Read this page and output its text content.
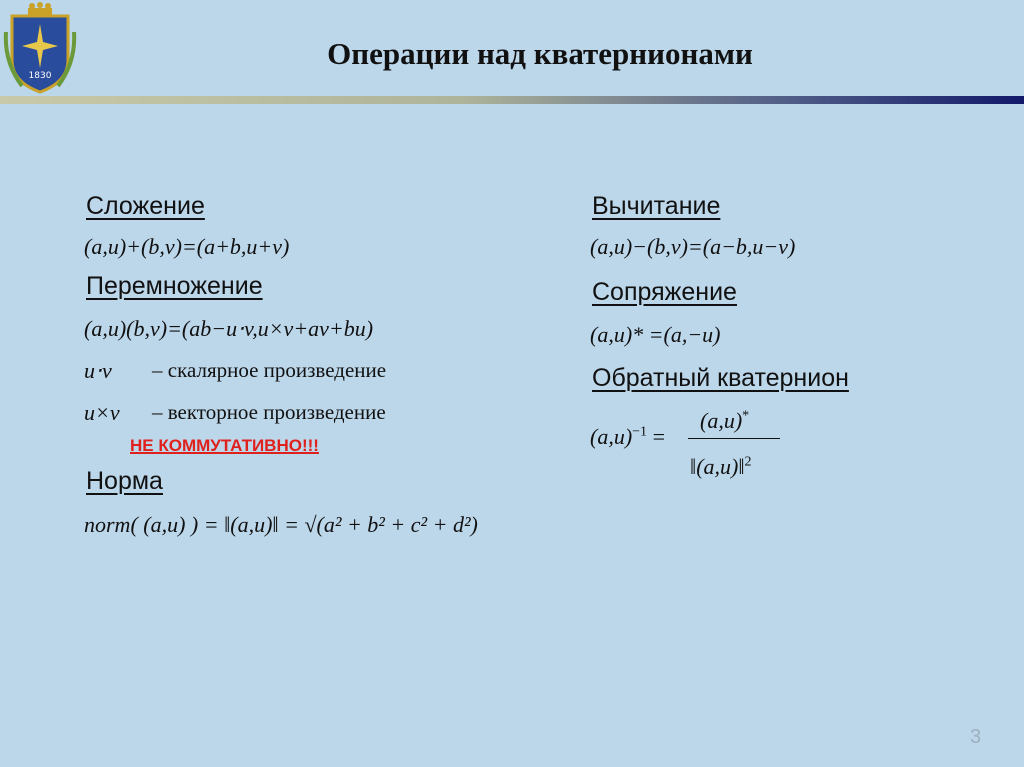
1830
Операции над кватернионами
Сложение
(a,u)+(b,v)=(a+b,u+v)
Перемножение
(a,u)(b,v)=(ab−u⋅v,u×v+av+bu)
u⋅v – скалярное произведение
u×v – векторное произведение
НЕ КОММУТАТИВНО!!!
Норма
norm( (a,u) ) = ‖(a,u)‖ = √(a² + b² + c² + d²)
Вычитание
(a,u)−(b,v)=(a−b,u−v)
Сопряжение
(a,u)* =(a,−u)
Обратный кватернион
$(a,u)^{-1}$ =
(a,u)*
‖(a,u)‖$^2$
3
